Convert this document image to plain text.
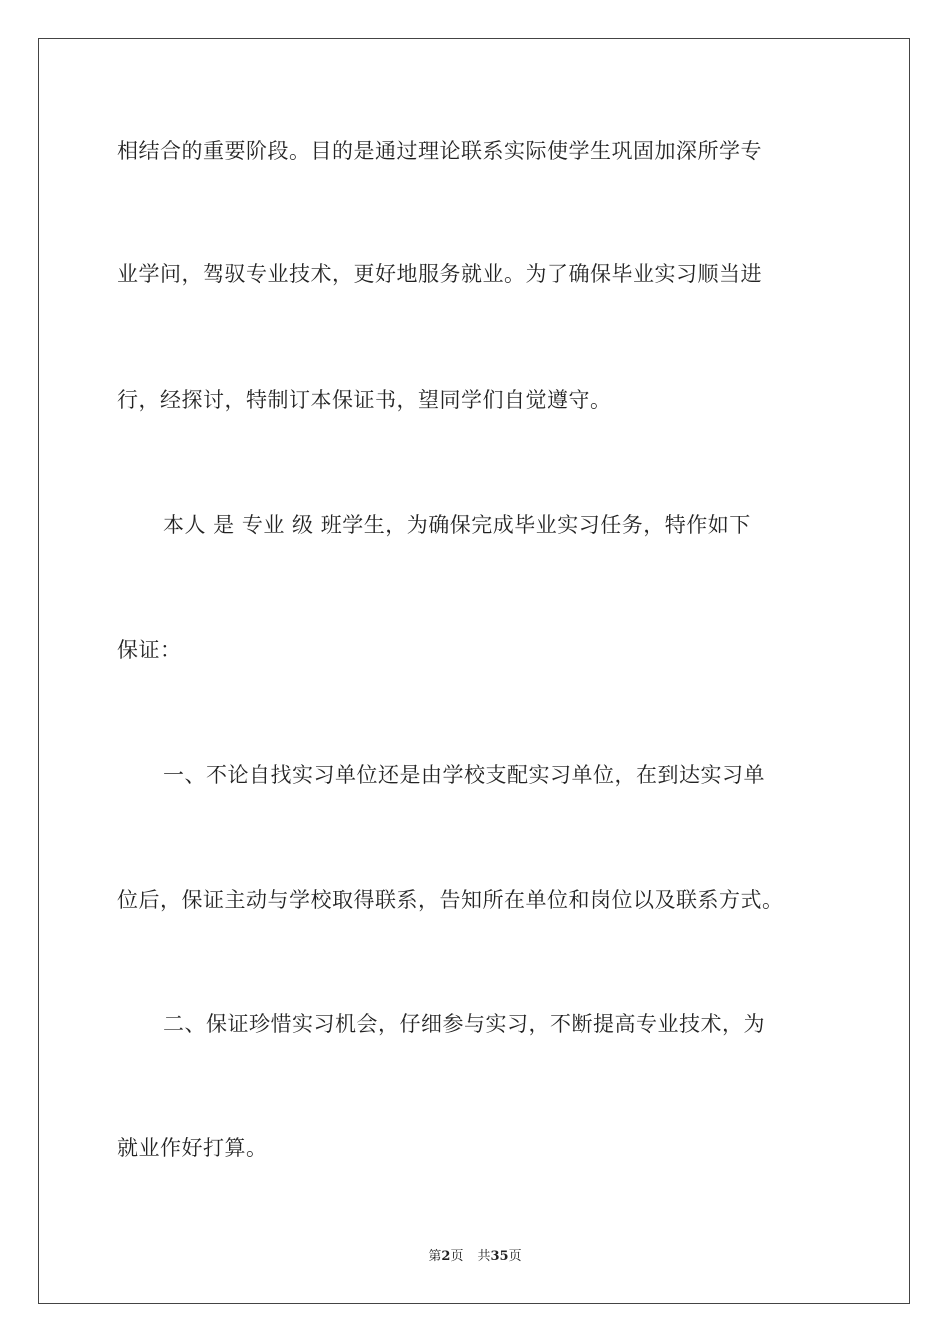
相结合的重要阶段。目的是通过理论联系实际使学生巩固加深所学专
业学问，驾驭专业技术，更好地服务就业。为了确保毕业实习顺当进
行，经探讨，特制订本保证书，望同学们自觉遵守。
本人 是 专业 级 班学生，为确保完成毕业实习任务，特作如下
保证：
一、不论自找实习单位还是由学校支配实习单位，在到达实习单
位后，保证主动与学校取得联系，告知所在单位和岗位以及联系方式。
二、保证珍惜实习机会，仔细参与实习，不断提高专业技术，为
就业作好打算。
第2页 共35页
